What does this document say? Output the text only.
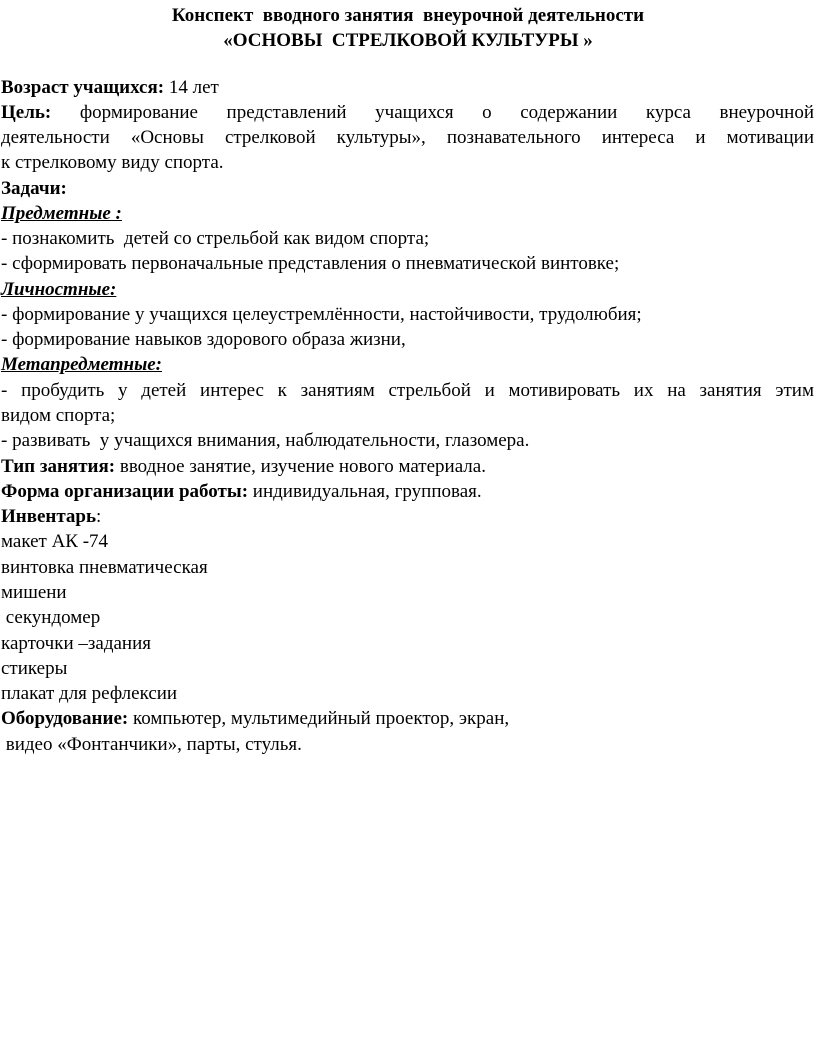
Конспект  вводного занятия  внеурочной деятельности
«ОСНОВЫ  СТРЕЛКОВОЙ КУЛЬТУРЫ »
Возраст учащихся: 14 лет
Цель: формирование представлений учащихся о содержании курса внеурочной
деятельности «Основы стрелковой культуры», познавательного интереса и мотивации
к стрелковому виду спорта.
Задачи:
Предметные :
- познакомить  детей со стрельбой как видом спорта;
- сформировать первоначальные представления о пневматической винтовке;
Личностные:
- формирование у учащихся целеустремлённости, настойчивости, трудолюбия;
- формирование навыков здорового образа жизни,
Метапредметные:
- пробудить у детей интерес к занятиям стрельбой и мотивировать их на занятия этим
видом спорта;
- развивать  у учащихся внимания, наблюдательности, глазомера.
Тип занятия: вводное занятие, изучение нового материала.
Форма организации работы: индивидуальная, групповая.
Инвентарь:
макет АК -74
винтовка пневматическая
мишени
секундомер
карточки –задания
стикеры
плакат для рефлексии
Оборудование: компьютер, мультимедийный проектор, экран,
видео «Фонтанчики», парты, стулья.
